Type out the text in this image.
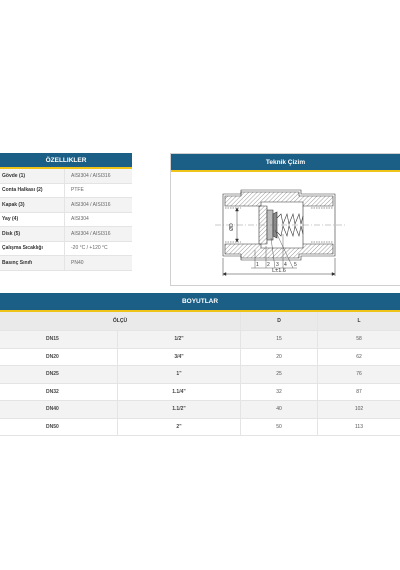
ÖZELLIKLER
Gövde (1)	AISI304 / AISI316
Conta Halkası (2)	PTFE
Kapak (3)	AISI304 / AISI316
Yay (4)	AISI304
Disk (5)	AISI304 / AISI316
Çalışma Sıcaklığı	-20 °C / +120 °C
Basınç Sınıfı	PN40
Teknik Çizim
ØD
1 2 3 4 5
L±1.6
BOYUTLAR
ÖLÇÜ		D	L
DN15	1/2"	15	58
DN20	3/4"	20	62
DN25	1"	25	76
DN32	1.1/4"	32	87
DN40	1.1/2"	40	102
DN50	2"	50	113
